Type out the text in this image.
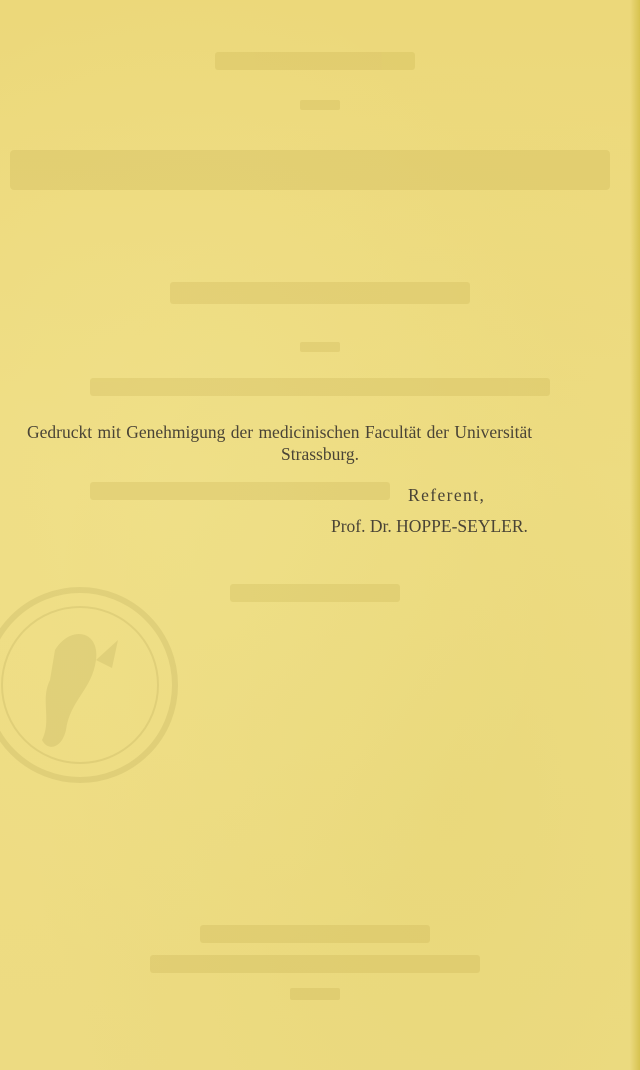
Gedruckt mit Genehmigung der medicinischen Facultät der Universität
Strassburg.
Referent,
Prof. Dr. HOPPE-SEYLER.
